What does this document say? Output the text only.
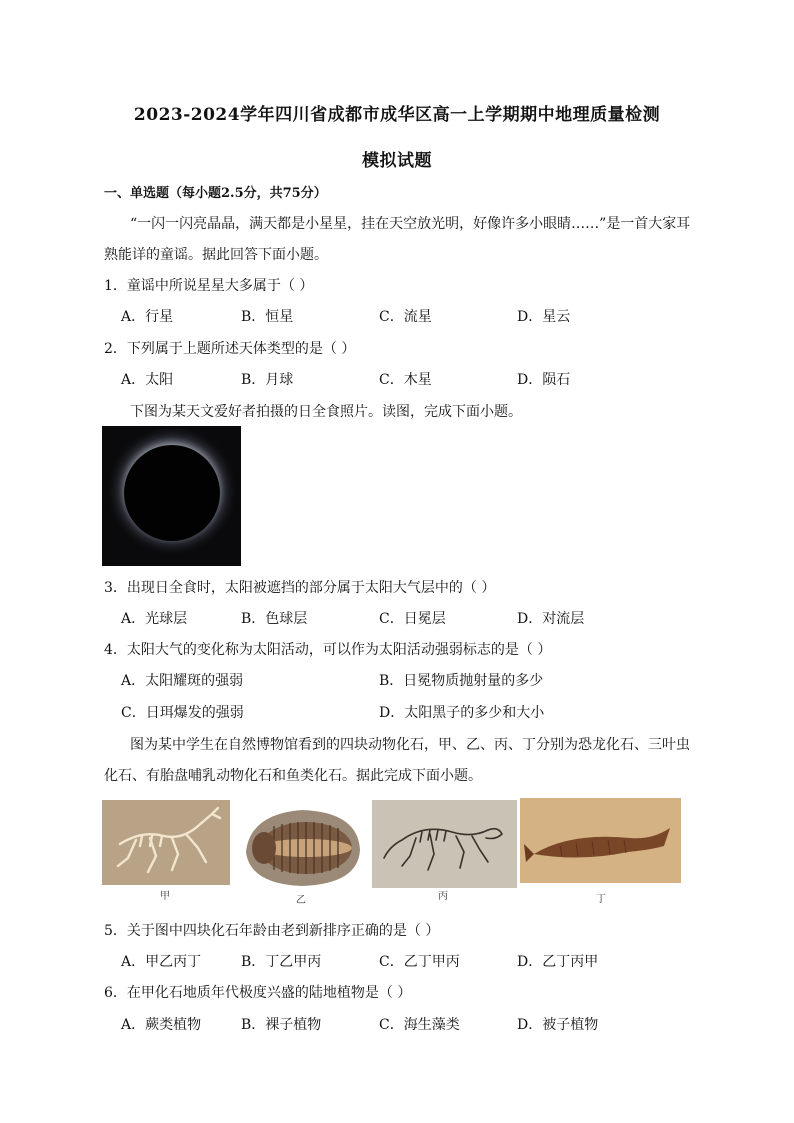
2023-2024学年四川省成都市成华区高一上学期期中地理质量检测
模拟试题
一、单选题（每小题2.5分，共75分）
“一闪一闪亮晶晶，满天都是小星星，挂在天空放光明，好像许多小眼睛……”是一首大家耳
熟能详的童谣。据此回答下面小题。
1．童谣中所说星星大多属于（ ）
A．行星	B．恒星	C．流星	D．星云
2．下列属于上题所述天体类型的是（ ）
A．太阳	B．月球	C．木星	D．陨石
下图为某天文爱好者拍摄的日全食照片。读图，完成下面小题。
3．出现日全食时，太阳被遮挡的部分属于太阳大气层中的（ ）
A．光球层	B．色球层	C．日冕层	D．对流层
4．太阳大气的变化称为太阳活动，可以作为太阳活动强弱标志的是（ ）
A．太阳耀斑的强弱	B．日冕物质抛射量的多少
C．日珥爆发的强弱	D．太阳黑子的多少和大小
图为某中学生在自然博物馆看到的四块动物化石，甲、乙、丙、丁分别为恐龙化石、三叶虫
化石、有胎盘哺乳动物化石和鱼类化石。据此完成下面小题。
甲	乙	丙	丁
5．关于图中四块化石年龄由老到新排序正确的是（ ）
A．甲乙丙丁	B．丁乙甲丙	C．乙丁甲丙	D．乙丁丙甲
6．在甲化石地质年代极度兴盛的陆地植物是（ ）
A．蕨类植物	B．裸子植物	C．海生藻类	D．被子植物
